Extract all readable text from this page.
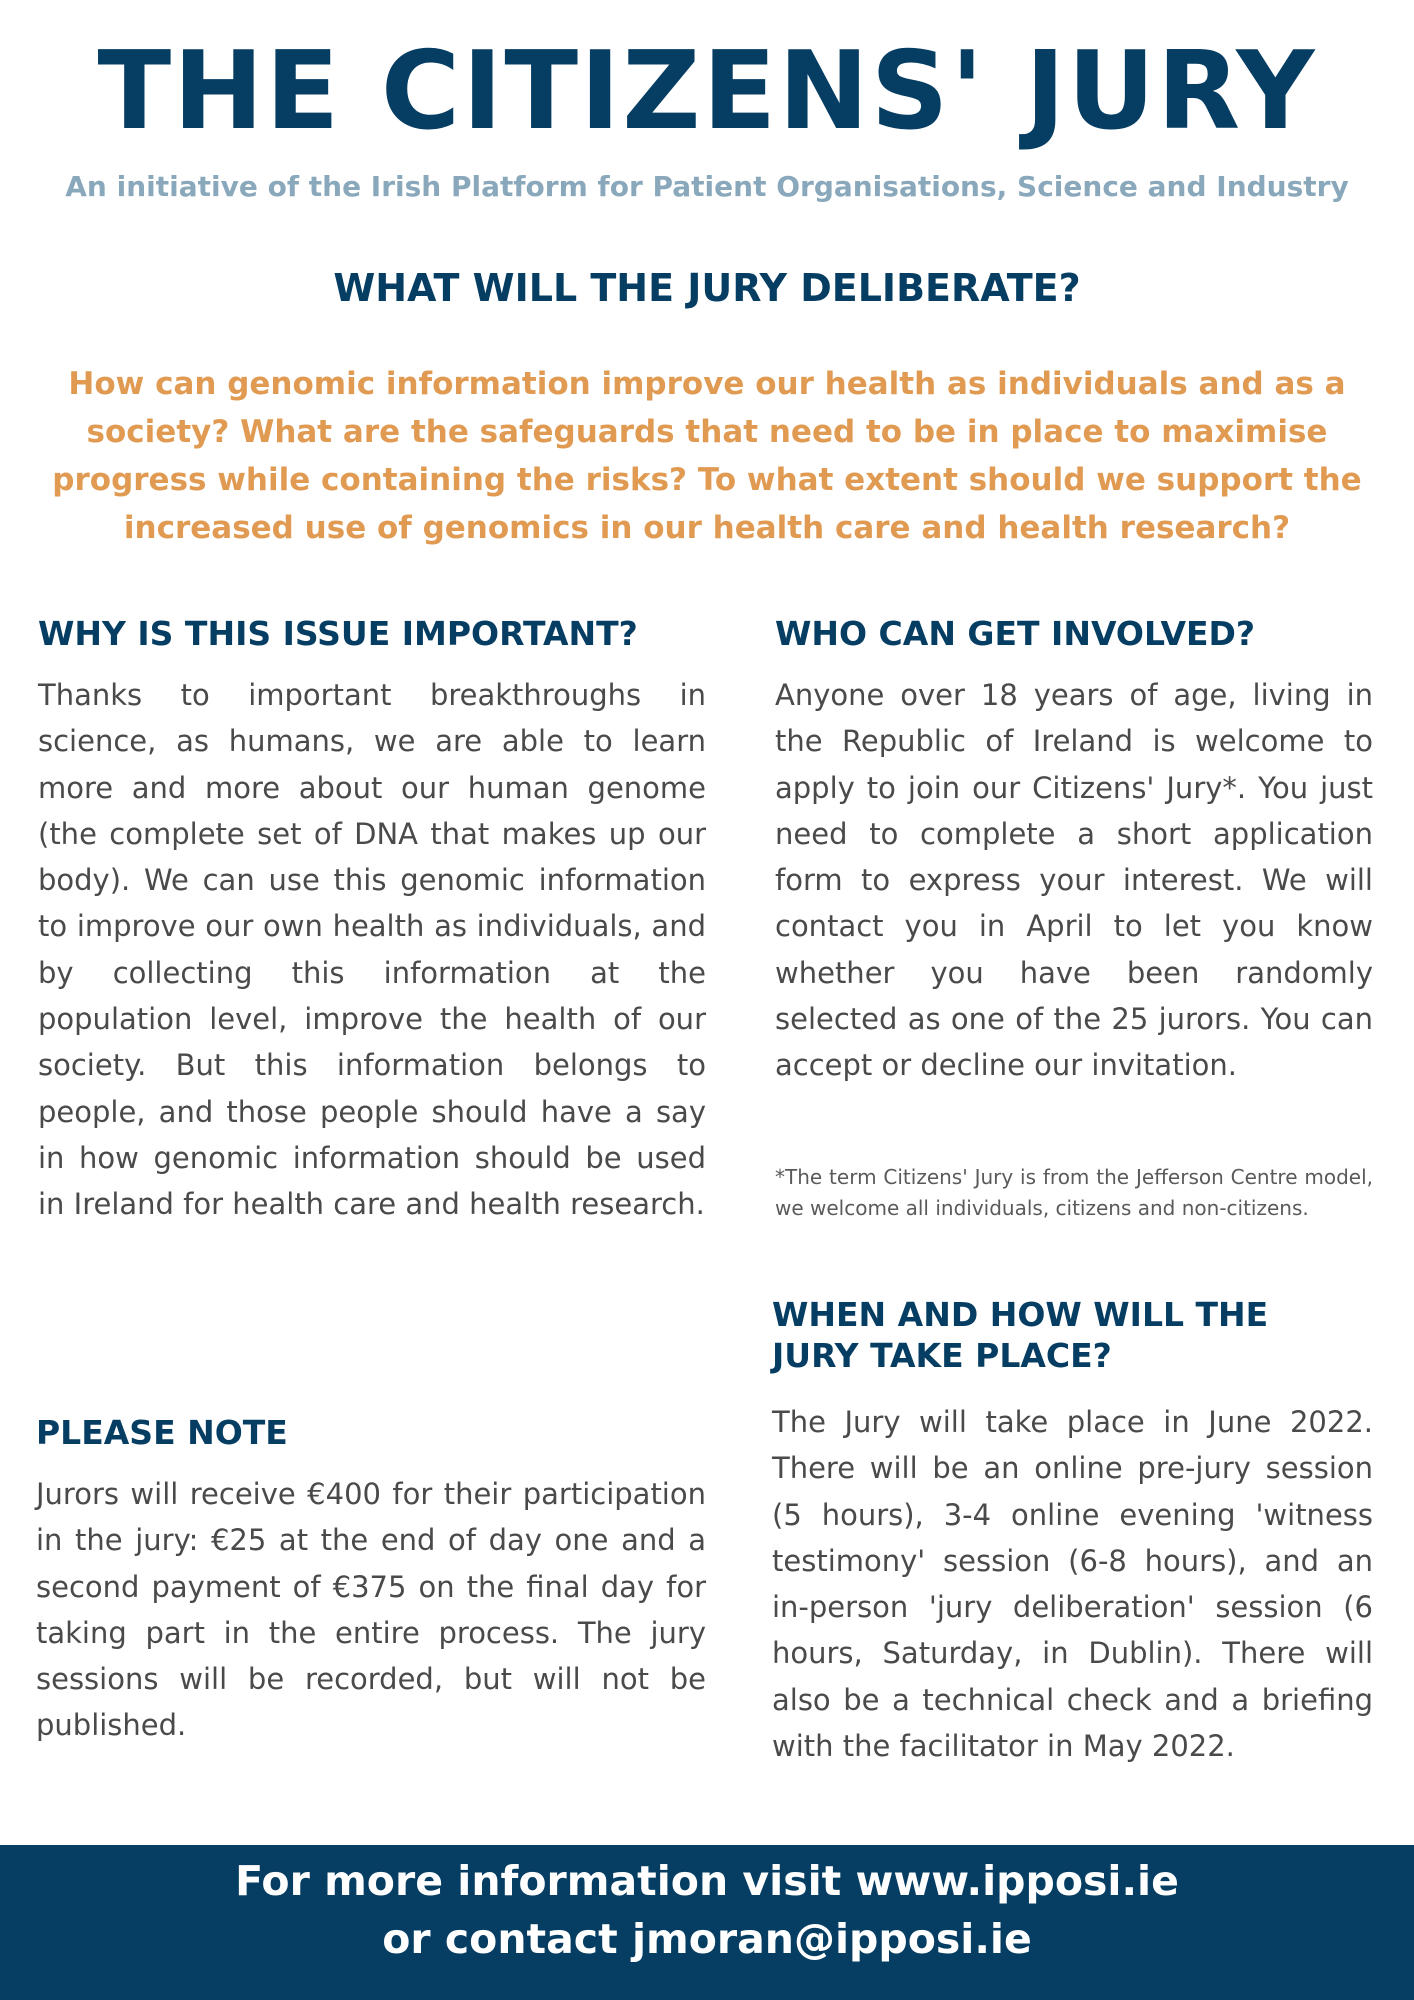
THE CITIZENS' JURY
An initiative of the Irish Platform for Patient Organisations, Science and Industry
WHAT WILL THE JURY DELIBERATE?
How can genomic information improve our health as individuals and as a society? What are the safeguards that need to be in place to maximise progress while containing the risks? To what extent should we support the increased use of genomics in our health care and health research?
WHY IS THIS ISSUE IMPORTANT?
Thanks to important breakthroughs in science, as humans, we are able to learn more and more about our human genome (the complete set of DNA that makes up our body). We can use this genomic information to improve our own health as individuals, and by collecting this information at the population level, improve the health of our society. But this information belongs to people, and those people should have a say in how genomic information should be used in Ireland for health care and health research.
WHO CAN GET INVOLVED?
Anyone over 18 years of age, living in the Republic of Ireland is welcome to apply to join our Citizens' Jury*. You just need to complete a short application form to express your interest. We will contact you in April to let you know whether you have been randomly selected as one of the 25 jurors. You can accept or decline our invitation.
*The term Citizens' Jury is from the Jefferson Centre model, we welcome all individuals, citizens and non-citizens.
PLEASE NOTE
Jurors will receive €400 for their participation in the jury: €25 at the end of day one and a second payment of €375 on the final day for taking part in the entire process. The jury sessions will be recorded, but will not be published.
WHEN AND HOW WILL THE
JURY TAKE PLACE?
The Jury will take place in June 2022. There will be an online pre-jury session (5 hours), 3-4 online evening 'witness testimony' session (6-8 hours), and an in-person 'jury deliberation' session (6 hours, Saturday, in Dublin). There will also be a technical check and a briefing with the facilitator in May 2022.
For more information visit www.ipposi.ie
or contact jmoran@ipposi.ie
